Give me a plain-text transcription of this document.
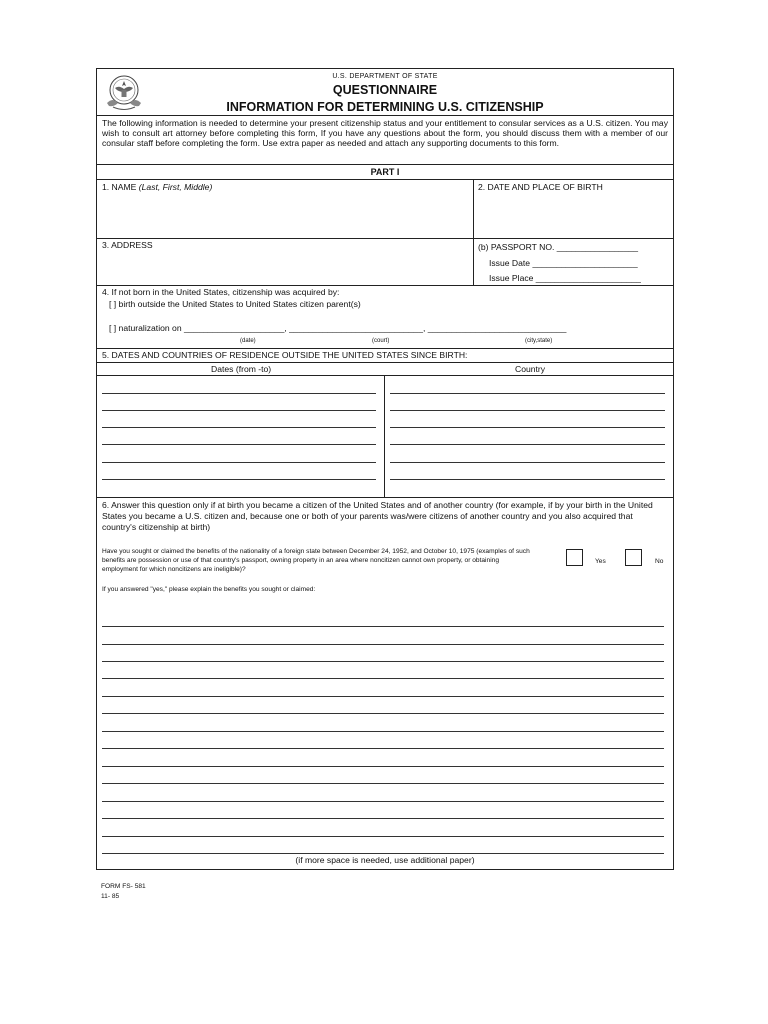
U.S. DEPARTMENT OF STATE
QUESTIONNAIRE
INFORMATION FOR DETERMINING U.S. CITIZENSHIP
The following information is needed to determine your present citizenship status and your entitlement to consular services as a U.S. citizen. You may wish to consult art attorney before completing this form, If you have any questions about the form, you should discuss them with a member of our consular staff before completing the form. Use extra paper as needed and attach any supporting documents to this form.
PART I
1. NAME (Last, First, Middle)	2. DATE AND PLACE OF BIRTH
3. ADDRESS	(b) PASSPORT NO. _________________
Issue Date ______________________
Issue Place ______________________
4. If not born in the United States, citizenship was acquired by:
[ ] birth outside the United States to United States citizen parent(s)
[ ] naturalization on _____________________, ____________________________, _____________________________
(date)	(court)	(city,state)
5. DATES AND COUNTRIES OF RESIDENCE OUTSIDE THE UNITED STATES SINCE BIRTH:
Dates (from -to)	Country
6. Answer this question only if at birth you became a citizen of the United States and of another country (for example, if by your birth in the United States you became a U.S. citizen and, because one or both of your parents was/were citizens of another country and you also acquired that country's citizenship at birth)
Have you sought or claimed the benefits of the nationality of a foreign state between December 24, 1952, and October 10, 1975 (examples of such benefits are possession or use of that country's passport, owning property in an area where noncitizen cannot own property, or obtaining employment for which noncitizens are ineligible)?
Yes	No
If you answered "yes," please explain the benefits you sought or claimed:
(if more space is needed, use additional paper)
FORM FS- 581
11- 85
